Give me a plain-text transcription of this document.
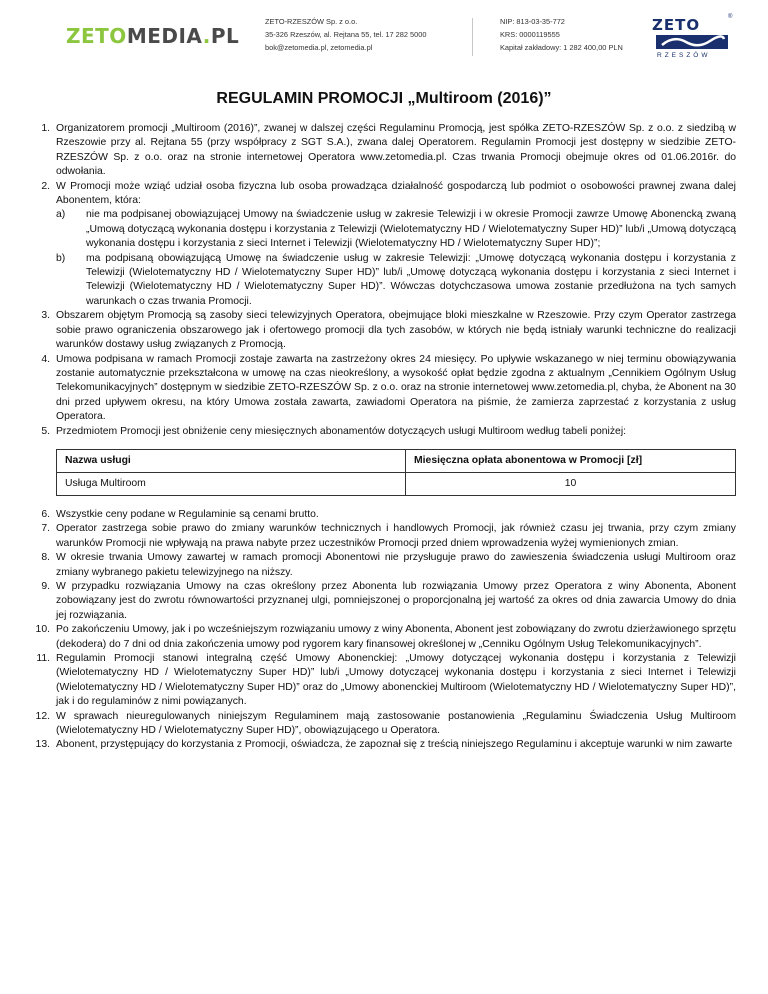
ZETOMEDIA.PL
ZETO-RZESZÓW Sp. z o.o.
35-326 Rzeszów, al. Rejtana 55, tel. 17 282 5000
bok@zetomedia.pl, zetomedia.pl
NIP: 813-03-35-772
KRS: 0000119555
Kapitał zakładowy: 1 282 400,00 PLN
ZETO	®
RZESZÓW
REGULAMIN PROMOCJI „Multiroom (2016)”
1. Organizatorem promocji „Multiroom (2016)”, zwanej w dalszej części Regulaminu Promocją, jest spółka ZETO-RZESZÓW Sp. z o.o. z siedzibą w Rzeszowie przy al. Rejtana 55 (przy współpracy z SGT S.A.), zwana dalej Operatorem. Regulamin Promocji jest dostępny w siedzibie ZETO-RZESZÓW Sp. z o.o. oraz na stronie internetowej Operatora www.zetomedia.pl. Czas trwania Promocji obejmuje okres od 01.06.2016r. do odwołania.
2. W Promocji może wziąć udział osoba fizyczna lub osoba prowadząca działalność gospodarczą lub podmiot o osobowości prawnej zwana dalej Abonentem, która:
a) nie ma podpisanej obowiązującej Umowy na świadczenie usług w zakresie Telewizji i w okresie Promocji zawrze Umowę Abonencką zwaną „Umową dotyczącą wykonania dostępu i korzystania z Telewizji (Wielotematyczny HD / Wielotematyczny Super HD)” lub/i „Umową dotyczącą wykonania dostępu i korzystania z sieci Internet i Telewizji (Wielotematyczny HD / Wielotematyczny Super HD)”;
b) ma podpisaną obowiązującą Umowę na świadczenie usług w zakresie Telewizji: „Umowę dotyczącą wykonania dostępu i korzystania z Telewizji (Wielotematyczny HD / Wielotematyczny Super HD)” lub/i „Umowę dotyczącą wykonania dostępu i korzystania z sieci Internet i Telewizji (Wielotematyczny HD / Wielotematyczny Super HD)”. Wówczas dotychczasowa umowa zostanie przedłużona na tych samych warunkach o czas trwania Promocji.
3. Obszarem objętym Promocją są zasoby sieci telewizyjnych Operatora, obejmujące bloki mieszkalne w Rzeszowie. Przy czym Operator zastrzega sobie prawo ograniczenia obszarowego jak i ofertowego promocji dla tych zasobów, w których nie będą istniały warunki techniczne do realizacji warunków dostawy usług związanych z Promocją.
4. Umowa podpisana w ramach Promocji zostaje zawarta na zastrzeżony okres 24 miesięcy. Po upływie wskazanego w niej terminu obowiązywania zostanie automatycznie przekształcona w umowę na czas nieokreślony, a wysokość opłat będzie zgodna z aktualnym „Cennikiem Ogólnym Usług Telekomunikacyjnych” dostępnym w siedzibie ZETO-RZESZÓW Sp. z o.o. oraz na stronie internetowej www.zetomedia.pl, chyba, że Abonent na 30 dni przed upływem okresu, na który Umowa została zawarta, zawiadomi Operatora na piśmie, że zamierza zaprzestać z korzystania z usług Operatora.
5. Przedmiotem Promocji jest obniżenie ceny miesięcznych abonamentów dotyczących usługi Multiroom według tabeli poniżej:
Nazwa usługi	Miesięczna opłata abonentowa w Promocji [zł]
Usługa Multiroom	10
6. Wszystkie ceny podane w Regulaminie są cenami brutto.
7. Operator zastrzega sobie prawo do zmiany warunków technicznych i handlowych Promocji, jak również czasu jej trwania, przy czym zmiany warunków Promocji nie wpływają na prawa nabyte przez uczestników Promocji przed dniem wprowadzenia wyżej wymienionych zmian.
8. W okresie trwania Umowy zawartej w ramach promocji Abonentowi nie przysługuje prawo do zawieszenia świadczenia usługi Multiroom oraz zmiany wybranego pakietu telewizyjnego na niższy.
9. W przypadku rozwiązania Umowy na czas określony przez Abonenta lub rozwiązania Umowy przez Operatora z winy Abonenta, Abonent zobowiązany jest do zwrotu równowartości przyznanej ulgi, pomniejszonej o proporcjonalną jej wartość za okres od dnia zawarcia Umowy do dnia jej rozwiązania.
10. Po zakończeniu Umowy, jak i po wcześniejszym rozwiązaniu umowy z winy Abonenta, Abonent jest zobowiązany do zwrotu dzierżawionego sprzętu (dekodera) do 7 dni od dnia zakończenia umowy pod rygorem kary finansowej określonej w „Cenniku Ogólnym Usług Telekomunikacyjnych”.
11. Regulamin Promocji stanowi integralną część Umowy Abonenckiej: „Umowy dotyczącej wykonania dostępu i korzystania z Telewizji (Wielotematyczny HD / Wielotematyczny Super HD)” lub/i „Umowy dotyczącej wykonania dostępu i korzystania z sieci Internet i Telewizji (Wielotematyczny HD / Wielotematyczny Super HD)” oraz do „Umowy abonenckiej Multiroom (Wielotematyczny HD / Wielotematyczny Super HD)”, jak i do regulaminów z nimi powiązanych.
12. W sprawach nieuregulowanych niniejszym Regulaminem mają zastosowanie postanowienia „Regulaminu Świadczenia Usług Multiroom (Wielotematyczny HD / Wielotematyczny Super HD)”, obowiązującego u Operatora.
13. Abonent, przystępujący do korzystania z Promocji, oświadcza, że zapoznał się z treścią niniejszego Regulaminu i akceptuje warunki w nim zawarte
